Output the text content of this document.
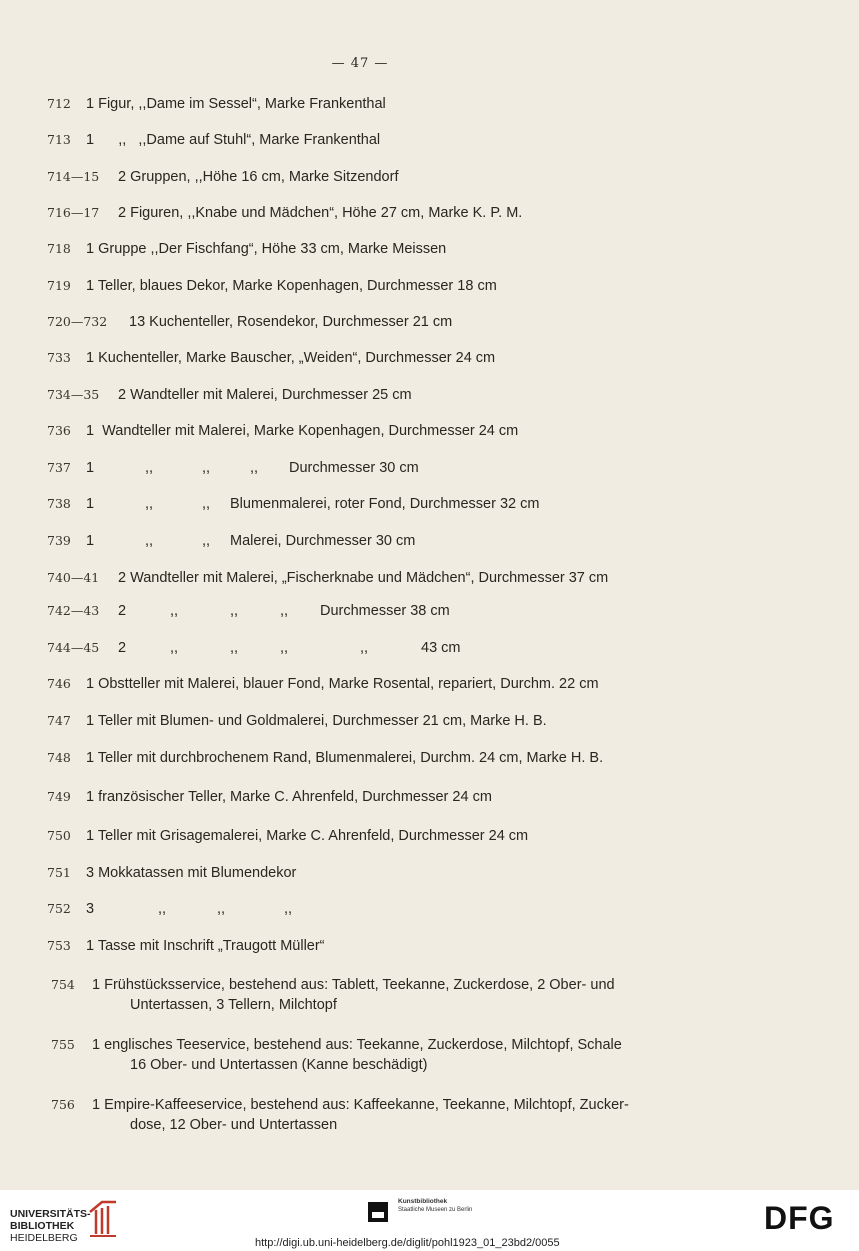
— 47 —
712 1 Figur, ,,Dame im Sessel“, Marke Frankenthal
713 1      ,,   ,,Dame auf Stuhl“, Marke Frankenthal
714—15 2 Gruppen, ,,Höhe 16 cm, Marke Sitzendorf
716—17 2 Figuren, ,,Knabe und Mädchen“, Höhe 27 cm, Marke K. P. M.
718 1 Gruppe ,,Der Fischfang“, Höhe 33 cm, Marke Meissen
719 1 Teller, blaues Dekor, Marke Kopenhagen, Durchmesser 18 cm
720—732 13 Kuchenteller, Rosendekor, Durchmesser 21 cm
733 1 Kuchenteller, Marke Bauscher, „Weiden“, Durchmesser 24 cm
734—35 2 Wandteller mit Malerei, Durchmesser 25 cm
736 1  Wandteller mit Malerei, Marke Kopenhagen, Durchmesser 24 cm
737 1	,,	,,	,, Durchmesser 30 cm
738 1	,,	,, Blumenmalerei, roter Fond, Durchmesser 32 cm
739 1	,,	,, Malerei, Durchmesser 30 cm
740—41 2 Wandteller mit Malerei, „Fischerknabe und Mädchen“, Durchmesser 37 cm
742—43 2	,,	,,	,, Durchmesser 38 cm
744—45 2	,,	,,	,,	,,	43 cm
746 1 Obstteller mit Malerei, blauer Fond, Marke Rosental, repariert, Durchm. 22 cm
747 1 Teller mit Blumen- und Goldmalerei, Durchmesser 21 cm, Marke H. B.
748 1 Teller mit durchbrochenem Rand, Blumenmalerei, Durchm. 24 cm, Marke H. B.
749 1 französischer Teller, Marke C. Ahrenfeld, Durchmesser 24 cm
750 1 Teller mit Grisagemalerei, Marke C. Ahrenfeld, Durchmesser 24 cm
751 3 Mokkatassen mit Blumendekor
752 3	,,	,,	,,
753 1 Tasse mit Inschrift „Traugott Müller“
754 1 Frühstücksservice, bestehend aus: Tablett, Teekanne, Zuckerdose, 2 Ober- und
Untertassen, 3 Tellern, Milchtopf
755 1 englisches Teeservice, bestehend aus: Teekanne, Zuckerdose, Milchtopf, Schale
16 Ober- und Untertassen (Kanne beschädigt)
756 1 Empire-Kaffeeservice, bestehend aus: Kaffeekanne, Teekanne, Milchtopf, Zucker-
dose, 12 Ober- und Untertassen
UNIVERSITÄTS-
BIBLIOTHEK
HEIDELBERG
Kunstbibliothek
Staatliche Museen zu Berlin
http://digi.ub.uni-heidelberg.de/diglit/pohl1923_01_23bd2/0055
DFG
